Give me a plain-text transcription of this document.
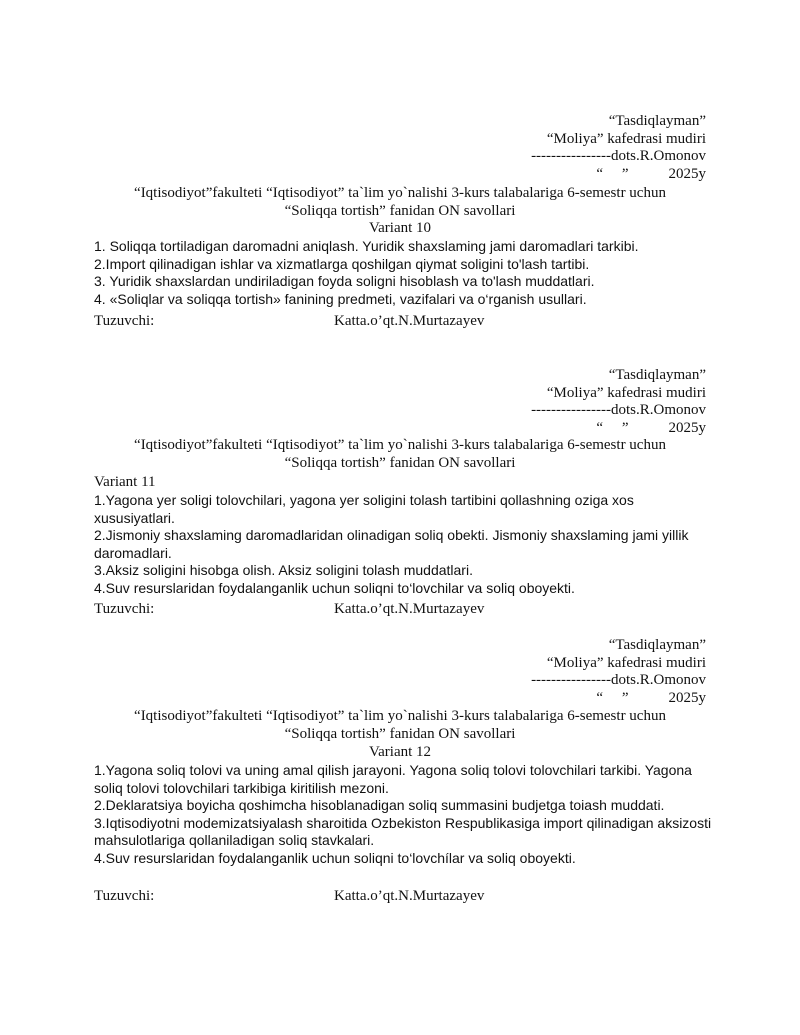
“Tasdiqlayman”
“Moliya” kafedrasi mudiri
----------------dots.R.Omonov
“     ”	2025y
“Iqtisodiyot”fakulteti “Iqtisodiyot” ta`lim yo`nalishi 3-kurs talabalariga 6-semestr uchun
“Soliqqa tortish” fanidan ON savollari
Variant 10
1. Soliqqa tortiladigan daromadni aniqlash. Yuridik shaxslaming jami daromadlari tarkibi.
2.Import qilinadigan ishlar va xizmatlarga qoshilgan qiymat soligini to'lash tartibi.
3. Yuridik shaxslardan undiriladigan foyda soligni hisoblash va to'lash muddatlari.
4. «Soliqlar va soliqqa tortish» fanining predmeti, vazifalari va o‘rganish usullari.
Tuzuvchi:	Katta.o’qt.N.Murtazayev
“Tasdiqlayman”
“Moliya” kafedrasi mudiri
----------------dots.R.Omonov
“     ”	2025y
“Iqtisodiyot”fakulteti “Iqtisodiyot” ta`lim yo`nalishi 3-kurs talabalariga 6-semestr uchun
“Soliqqa tortish” fanidan ON savollari
Variant 11
1.Yagona yer soligi tolovchilari, yagona yer soligini tolash tartibini qollashning oziga xos xususiyatlari.
2.Jismoniy shaxslaming daromadlaridan olinadigan soliq obekti. Jismoniy shaxslaming jami yillik daromadlari.
3.Aksiz soligini hisobga olish. Aksiz soligini tolash muddatlari.
4.Suv resurslaridan foydalanganlik uchun soliqni to‘lovchilar va soliq oboyekti.
Tuzuvchi:	Katta.o’qt.N.Murtazayev
“Tasdiqlayman”
“Moliya” kafedrasi mudiri
----------------dots.R.Omonov
“     ”	2025y
“Iqtisodiyot”fakulteti “Iqtisodiyot” ta`lim yo`nalishi 3-kurs talabalariga 6-semestr uchun
“Soliqqa tortish” fanidan ON savollari
Variant 12
1.Yagona soliq tolovi va uning amal qilish jarayoni. Yagona soliq tolovi tolovchilari tarkibi. Yagona soliq tolovi tolovchilari tarkibiga kiritilish mezoni.
2.Deklaratsiya boyicha qoshimcha hisoblanadigan soliq summasini budjetga toiash muddati.
3.Iqtisodiyotni modemizatsiyalash sharoitida Ozbekiston Respublikasiga import qilinadigan aksizosti mahsulotlariga qollaniladigan soliq stavkalari.
4.Suv resurslaridan foydalanganlik uchun soliqni to‘lovchílar va soliq oboyekti.
Tuzuvchi:	Katta.o’qt.N.Murtazayev
